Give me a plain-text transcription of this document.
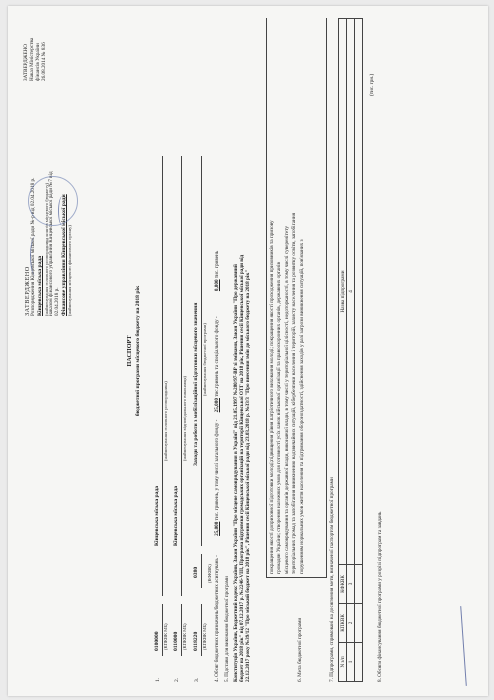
ЗАТВЕРДЖЕНО Наказ Міністерства фінансів України 26.08.2014 № 836
ЗАТВЕРДЖЕНО Розпорядження Кінцевської міської ради №-р від 02.04.2018 р. Кінцевська міська рада (найменування головного розпорядника коштів місцевого бюджету) наказом фінансового управління Кінцевської міської ради №7 від 02.04.2018 р. Фінансове управління Кінцевської міської ради (найменування місцевого фінансового органу)
ПАСПОРТ бюджетної програми місцевого бюджету на 2018 рік
1.
0100000 (КПКВК МБ)
Кінцевська міська рада
(найменування головного розпорядника)
2.
0110000 (КПКВК МБ)
Кінцевська міська рада
(найменування відповідального виконавця)
3.
0118220 (КПКВК МБ)
0380 (КФКВК)
Заходи та роботи з мобілізаційної підготовки місцевого значення (найменування бюджетної програми)
4. Обсяг бюджетних призначень/бюджетних асигнувань - 25,000 тис. гривень, у тому числі загального фонду - 25,000 тис.гривень та спеціального фонду - 0,000 тис. гривень
5. Підстави для виконання бюджетної програми Конституція України, Бюджетний кодекс України, Закон України "Про місцеве самоврядування в Україні" від 21.05.1997 №280/97-ВР зі змінами, Закон України "Про державний бюджет на 2018 рік" від 07.12.2017 р. №2246-VIII, Програма підтримки громадських організацій на території Кінцевської ОТГ на 2018 рік, Рішення сесії Кінцевської міської ради від 22.12.2017 року №39/12 "Про міський бюджет на 2018 рік", Рішення сесії Кінцевської міської ради від 23.03.2018 р. №33/3 "Про внесення змін до міського бюджету на 2018 рік"	6. Мета бюджетної програми
покращення якості допризовної підготовки молоді;підвищення рівня патріотичного виховання молоді; покращення якості проходження призовників та призову громадян України; створення належних умов для готовності усіх ланок військової організації та правоохоронних органів, державних органів місцевого самоврядування та органів державної влади, виконавчої влади, в тому числі у територіальної цілісності, недоторканості, в тому числі суверенітету територіальних громад та запобігання виникненню надзвичайних ситуацій, кібербезпеки населення і територій, захисту населення та розвитку освіти, запобігання порушенням нормальних умов життя населення та підтримання обороноздатності, здійснення заходів у разі загрози виникнення ситуацій, пов'язаних з
7. Підпрограми, спрямовані на досягнення мети, визначеної паспортом бюджетної програми N з/п	КПКВК	КФКВК	Назва підпрограми
1	2	3	4

(тис. грн.)
8. Обсяги фінансування бюджетної програми у розрізі підпрограм та завдань
